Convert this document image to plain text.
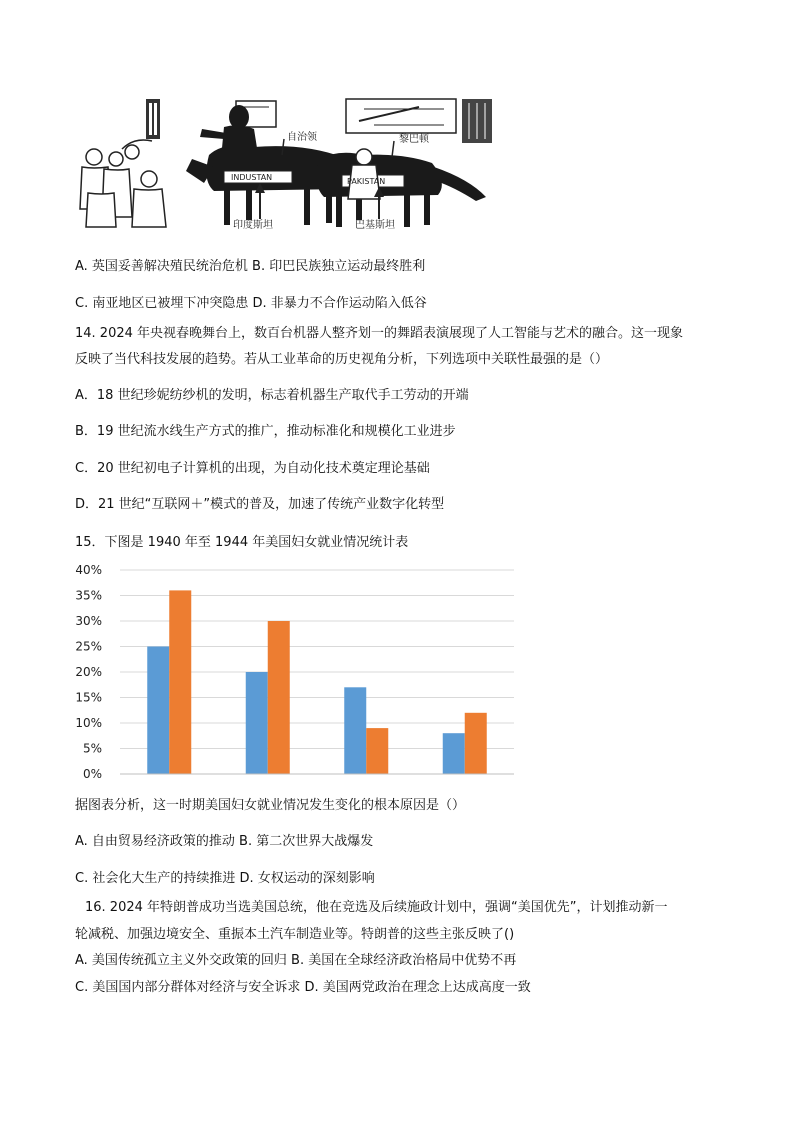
自治领	黎巴顿
INDUSTAN	PAKISTAN
印度斯坦	巴基斯坦
A. 英国妥善解决殖民统治危机 B. 印巴民族独立运动最终胜利
C. 南亚地区已被埋下冲突隐患 D. 非暴力不合作运动陷入低谷
14. 2024 年央视春晚舞台上，数百台机器人整齐划一的舞蹈表演展现了人工智能与艺术的融合。这一现象
反映了当代科技发展的趋势。若从工业革命的历史视角分析，下列选项中关联性最强的是（）
A．18 世纪珍妮纺纱机的发明，标志着机器生产取代手工劳动的开端
B．19 世纪流水线生产方式的推广，推动标准化和规模化工业进步
C．20 世纪初电子计算机的出现，为自动化技术奠定理论基础
D．21 世纪“互联网＋”模式的普及，加速了传统产业数字化转型
15．下图是 1940 年至 1944 年美国妇女就业情况统计表
0%
5%
10%
15%
20%
25%
30%
35%
40%
据图表分析，这一时期美国妇女就业情况发生变化的根本原因是（）
A. 自由贸易经济政策的推动 B. 第二次世界大战爆发
C. 社会化大生产的持续推进 D. 女权运动的深刻影响
16. 2024 年特朗普成功当选美国总统，他在竞选及后续施政计划中，强调“美国优先”，计划推动新一
轮减税、加强边境安全、重振本土汽车制造业等。特朗普的这些主张反映了()
A. 美国传统孤立主义外交政策的回归 B. 美国在全球经济政治格局中优势不再
C. 美国国内部分群体对经济与安全诉求 D. 美国两党政治在理念上达成高度一致
